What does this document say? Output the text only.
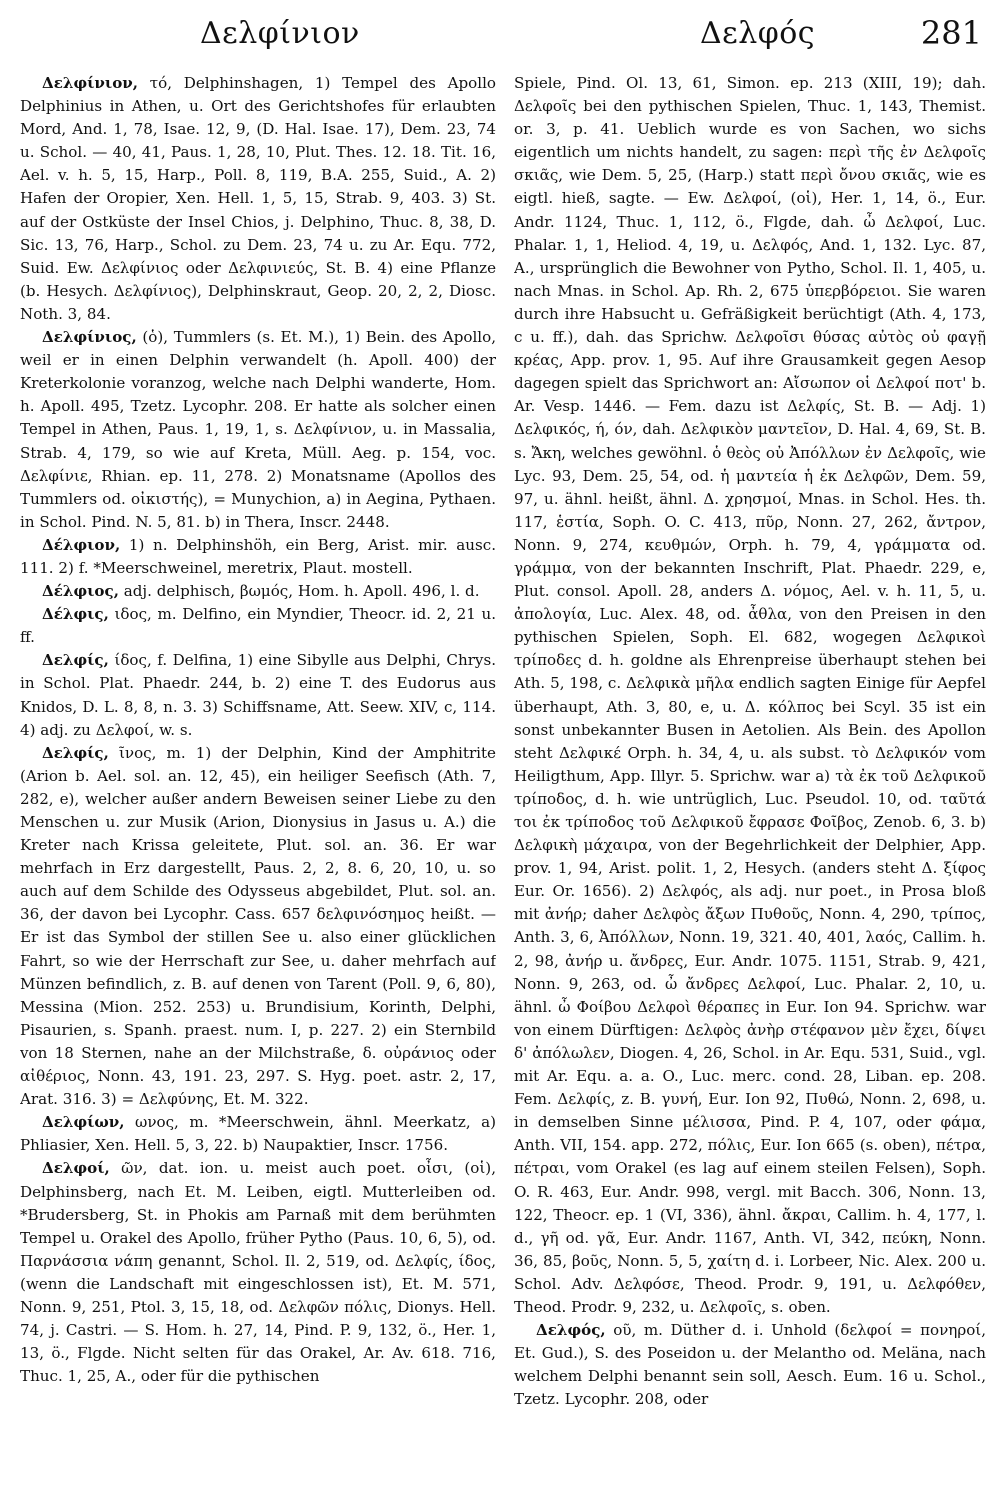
Δελφίνιον	Δελφός	281

Δελφίνιον, τό, Delphinshagen, 1) Tempel des Apollo Delphinius in Athen, u. Ort des Gerichtshofes für erlaubten Mord, And. 1, 78, Isae. 12, 9, (D. Hal. Isae. 17), Dem. 23, 74 u. Schol. — 40, 41, Paus. 1, 28, 10, Plut. Thes. 12. 18. Tit. 16, Ael. v. h. 5, 15, Harp., Poll. 8, 119, B.A. 255, Suid., A. 2) Hafen der Oropier, Xen. Hell. 1, 5, 15, Strab. 9, 403. 3) St. auf der Ostküste der Insel Chios, j. Delphino, Thuc. 8, 38, D. Sic. 13, 76, Harp., Schol. zu Dem. 23, 74 u. zu Ar. Equ. 772, Suid. Ew. Δελφίνιος oder Δελφινιεύς, St. B. 4) eine Pflanze (b. Hesych. Δελφίνιος), Delphinskraut, Geop. 20, 2, 2, Diosc. Noth. 3, 84.

Δελφίνιος, (ὁ), Tummlers (s. Et. M.), 1) Bein. des Apollo, weil er in einen Delphin verwandelt (h. Apoll. 400) der Kreterkolonie voranzog, welche nach Delphi wanderte, Hom. h. Apoll. 495, Tzetz. Lycophr. 208. Er hatte als solcher einen Tempel in Athen, Paus. 1, 19, 1, s. Δελφίνιον, u. in Massalia, Strab. 4, 179, so wie auf Kreta, Müll. Aeg. p. 154, voc. Δελφίνιε, Rhian. ep. 11, 278. 2) Monatsname (Apollos des Tummlers od. οἰκιστής), = Munychion, a) in Aegina, Pythaen. in Schol. Pind. N. 5, 81. b) in Thera, Inscr. 2448.

Δέλφιον, 1) n. Delphinshöh, ein Berg, Arist. mir. ausc. 111. 2) f. *Meerschweinel, meretrix, Plaut. mostell.

Δέλφιος, adj. delphisch, βωμός, Hom. h. Apoll. 496, l. d.

Δέλφις, ιδος, m. Delfino, ein Myndier, Theocr. id. 2, 21 u. ff.

Δελφίς, ίδος, f. Delfina, 1) eine Sibylle aus Delphi, Chrys. in Schol. Plat. Phaedr. 244, b. 2) eine T. des Eudorus aus Knidos, D. L. 8, 8, n. 3. 3) Schiffsname, Att. Seew. XIV, c, 114. 4) adj. zu Δελφοί, w. s.

Δελφίς, ῖνος, m. 1) der Delphin, Kind der Amphitrite (Arion b. Ael. sol. an. 12, 45), ein heiliger Seefisch (Ath. 7, 282, e), welcher außer andern Beweisen seiner Liebe zu den Menschen u. zur Musik (Arion, Dionysius in Jasus u. A.) die Kreter nach Krissa geleitete, Plut. sol. an. 36. Er war mehrfach in Erz dargestellt, Paus. 2, 2, 8. 6, 20, 10, u. so auch auf dem Schilde des Odysseus abgebildet, Plut. sol. an. 36, der davon bei Lycophr. Cass. 657 δελφινόσημος heißt. — Er ist das Symbol der stillen See u. also einer glücklichen Fahrt, so wie der Herrschaft zur See, u. daher mehrfach auf Münzen befindlich, z. B. auf denen von Tarent (Poll. 9, 6, 80), Messina (Mion. 252. 253) u. Brundisium, Korinth, Delphi, Pisaurien, s. Spanh. praest. num. I, p. 227. 2) ein Sternbild von 18 Sternen, nahe an der Milchstraße, δ. οὐράνιος oder αἰθέριος, Nonn. 43, 191. 23, 297. S. Hyg. poet. astr. 2, 17, Arat. 316. 3) = Δελφύνης, Et. M. 322.

Δελφίων, ωνος, m. *Meerschwein, ähnl. Meerkatz, a) Phliasier, Xen. Hell. 5, 3, 22. b) Naupaktier, Inscr. 1756.

Δελφοί, ῶν, dat. ion. u. meist auch poet. οἶσι, (οἱ), Delphinsberg, nach Et. M. Leiben, eigtl. Mutterleiben od. *Brudersberg, St. in Phokis am Parnaß mit dem berühmten Tempel u. Orakel des Apollo, früher Pytho (Paus. 10, 6, 5), od. Παρνάσσια νάπη genannt, Schol. Il. 2, 519, od. Δελφίς, ίδος, (wenn die Landschaft mit eingeschlossen ist), Et. M. 571, Nonn. 9, 251, Ptol. 3, 15, 18, od. Δελφῶν πόλις, Dionys. Hell. 74, j. Castri. — S. Hom. h. 27, 14, Pind. P. 9, 132, ö., Her. 1, 13, ö., Flgde. Nicht selten für das Orakel, Ar. Av. 618. 716, Thuc. 1, 25, A., oder für die pythischen

Spiele, Pind. Ol. 13, 61, Simon. ep. 213 (XIII, 19); dah. Δελφοῖς bei den pythischen Spielen, Thuc. 1, 143, Themist. or. 3, p. 41. Ueblich wurde es von Sachen, wo sichs eigentlich um nichts handelt, zu sagen: περὶ τῆς ἐν Δελφοῖς σκιᾶς, wie Dem. 5, 25, (Harp.) statt περὶ ὄνου σκιᾶς, wie es eigtl. hieß, sagte. — Ew. Δελφοί, (οἱ), Her. 1, 14, ö., Eur. Andr. 1124, Thuc. 1, 112, ö., Flgde, dah. ὦ Δελφοί, Luc. Phalar. 1, 1, Heliod. 4, 19, u. Δελφός, And. 1, 132. Lyc. 87, A., ursprünglich die Bewohner von Pytho, Schol. Il. 1, 405, u. nach Mnas. in Schol. Ap. Rh. 2, 675 ὑπερβόρειοι. Sie waren durch ihre Habsucht u. Gefräßigkeit berüchtigt (Ath. 4, 173, c u. ff.), dah. das Sprichw. Δελφοῖσι θύσας αὐτὸς οὐ φαγῇ κρέας, App. prov. 1, 95. Auf ihre Grausamkeit gegen Aesop dagegen spielt das Sprichwort an: Αἴσωπον οἱ Δελφοί ποτ' b. Ar. Vesp. 1446. — Fem. dazu ist Δελφίς, St. B. — Adj. 1) Δελφικός, ή, όν, dah. Δελφικὸν μαντεῖον, D. Hal. 4, 69, St. B. s. Ἄκη, welches gewöhnl. ὁ θεὸς οὐ Ἀπόλλων ἐν Δελφοῖς, wie Lyc. 93, Dem. 25, 54, od. ἡ μαντεία ἡ ἐκ Δελφῶν, Dem. 59, 97, u. ähnl. heißt, ähnl. Δ. χρησμοί, Mnas. in Schol. Hes. th. 117, ἑστία, Soph. O. C. 413, πῦρ, Nonn. 27, 262, ἄντρον, Nonn. 9, 274, κευθμών, Orph. h. 79, 4, γράμματα od. γράμμα, von der bekannten Inschrift, Plat. Phaedr. 229, e, Plut. consol. Apoll. 28, anders Δ. νόμος, Ael. v. h. 11, 5, u. ἀπολογία, Luc. Alex. 48, od. ἆθλα, von den Preisen in den pythischen Spielen, Soph. El. 682, wogegen Δελφικοὶ τρίποδες d. h. goldne als Ehrenpreise überhaupt stehen bei Ath. 5, 198, c. Δελφικὰ μῆλα endlich sagten Einige für Aepfel überhaupt, Ath. 3, 80, e, u. Δ. κόλπος bei Scyl. 35 ist ein sonst unbekannter Busen in Aetolien. Als Bein. des Apollon steht Δελφικέ Orph. h. 34, 4, u. als subst. τὸ Δελφικόν vom Heiligthum, App. Illyr. 5. Sprichw. war a) τὰ ἐκ τοῦ Δελφικοῦ τρίποδος, d. h. wie untrüglich, Luc. Pseudol. 10, od. ταῦτά τοι ἐκ τρίποδος τοῦ Δελφικοῦ ἔφρασε Φοῖβος, Zenob. 6, 3. b) Δελφικὴ μάχαιρα, von der Begehrlichkeit der Delphier, App. prov. 1, 94, Arist. polit. 1, 2, Hesych. (anders steht Δ. ξίφος Eur. Or. 1656). 2) Δελφός, als adj. nur poet., in Prosa bloß mit ἀνήρ; daher Δελφὸς ἄξων Πυθοῦς, Nonn. 4, 290, τρίπος, Anth. 3, 6, Ἀπόλλων, Nonn. 19, 321. 40, 401, λαός, Callim. h. 2, 98, ἀνήρ u. ἄνδρες, Eur. Andr. 1075. 1151, Strab. 9, 421, Nonn. 9, 263, od. ὦ ἄνδρες Δελφοί, Luc. Phalar. 2, 10, u. ähnl. ὦ Φοίβου Δελφοὶ θέραπες in Eur. Ion 94. Sprichw. war von einem Dürftigen: Δελφὸς ἀνὴρ στέφανον μὲν ἔχει, δίψει δ' ἀπόλωλεν, Diogen. 4, 26, Schol. in Ar. Equ. 531, Suid., vgl. mit Ar. Equ. a. a. O., Luc. merc. cond. 28, Liban. ep. 208. Fem. Δελφίς, z. B. γυνή, Eur. Ion 92, Πυθώ, Nonn. 2, 698, u. in demselben Sinne μέλισσα, Pind. P. 4, 107, oder φάμα, Anth. VII, 154. app. 272, πόλις, Eur. Ion 665 (s. oben), πέτρα, πέτραι, vom Orakel (es lag auf einem steilen Felsen), Soph. O. R. 463, Eur. Andr. 998, vergl. mit Bacch. 306, Nonn. 13, 122, Theocr. ep. 1 (VI, 336), ähnl. ἄκραι, Callim. h. 4, 177, l. d., γῆ od. γᾶ, Eur. Andr. 1167, Anth. VI, 342, πεύκη, Nonn. 36, 85, βοῦς, Nonn. 5, 5, χαίτη d. i. Lorbeer, Nic. Alex. 200 u. Schol. Adv. Δελφόσε, Theod. Prodr. 9, 191, u. Δελφόθεν, Theod. Prodr. 9, 232, u. Δελφοῖς, s. oben.

Δελφός, οῦ, m. Düther d. i. Unhold (δελφοί = πονηροί, Et. Gud.), S. des Poseidon u. der Melantho od. Meläna, nach welchem Delphi benannt sein soll, Aesch. Eum. 16 u. Schol., Tzetz. Lycophr. 208, oder
